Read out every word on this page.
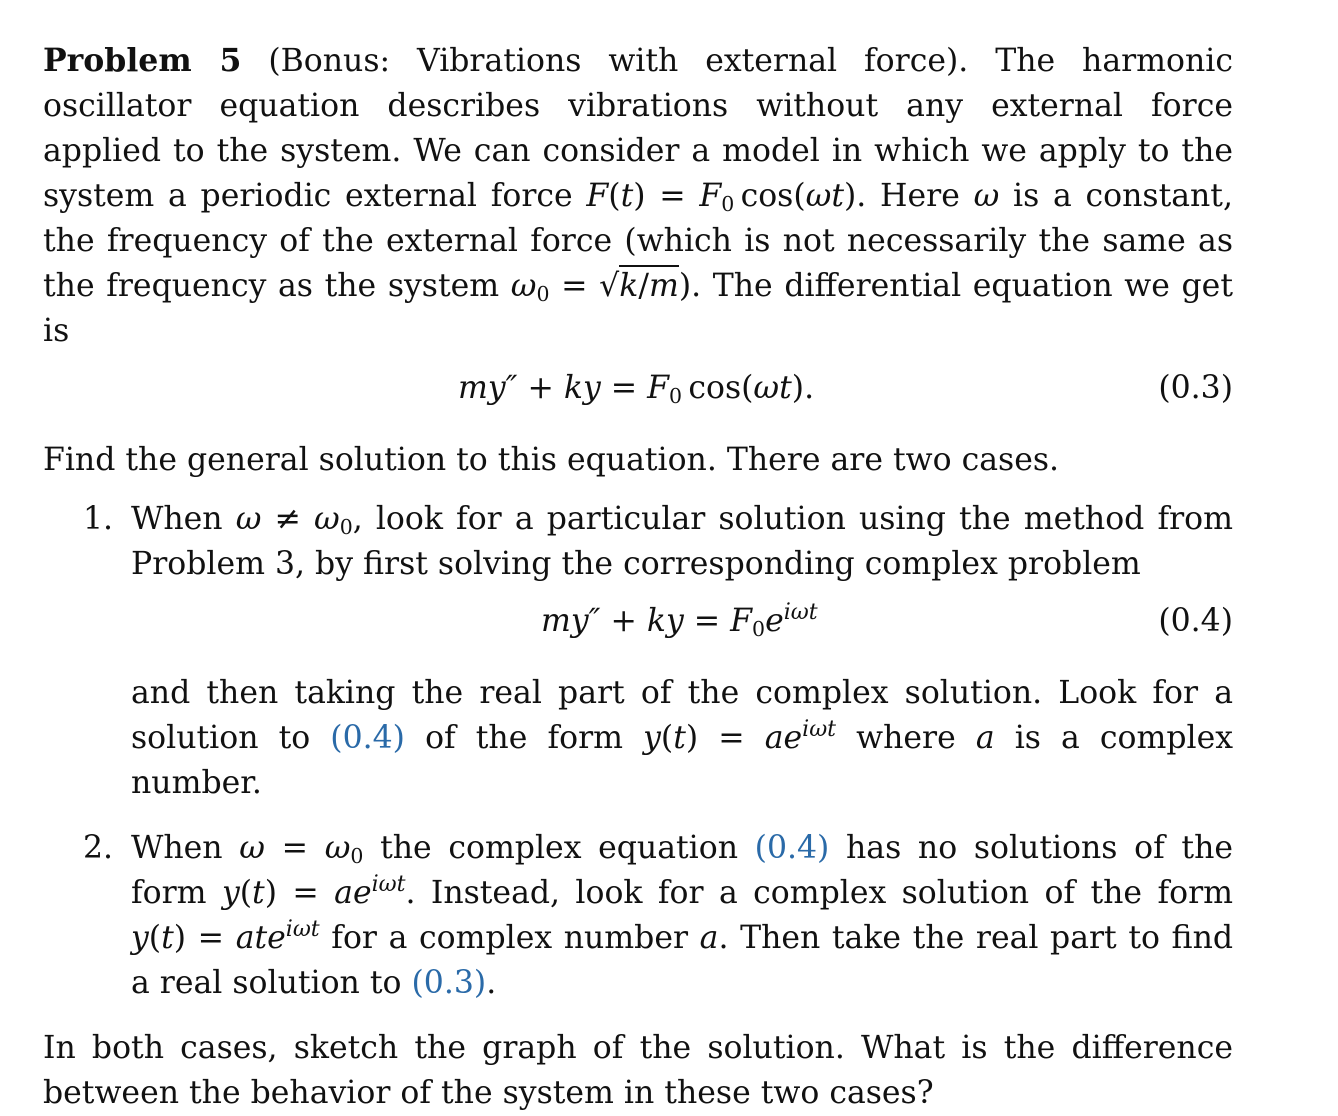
Problem 5 (Bonus: Vibrations with external force). The harmonic oscillator equation describes vibrations without any external force applied to the system. We can consider a model in which we apply to the system a periodic external force $F(t) = F_0$ cos(ωt). Here ω is a constant, the frequency of the external force (which is not necessarily the same as the frequency as the system $\omega_0 = √k/m$). The differential equation we get is

my″ + ky = $F_0$ cos(ωt).	(0.3)

Find the general solution to this equation. There are two cases.

1. When $\omega \ne \omega_0$, look for a particular solution using the method from Problem 3, by first solving the corresponding complex problem

my″ + ky = $F_0e^{i\omega t}$	(0.4)

and then taking the real part of the complex solution. Look for a solution to (0.4) of the form $y(t) = ae^{i\omega t}$ where a is a complex number.

2. When $\omega = \omega_0$ the complex equation (0.4) has no solutions of the form $y(t) = ae^{i\omega t}$. Instead, look for a complex solution of the form y(t) = ate$^{i\omega t}$ for a complex number a. Then take the real part to find a real solution to (0.3).

In both cases, sketch the graph of the solution. What is the difference between the behavior of the system in these two cases?
